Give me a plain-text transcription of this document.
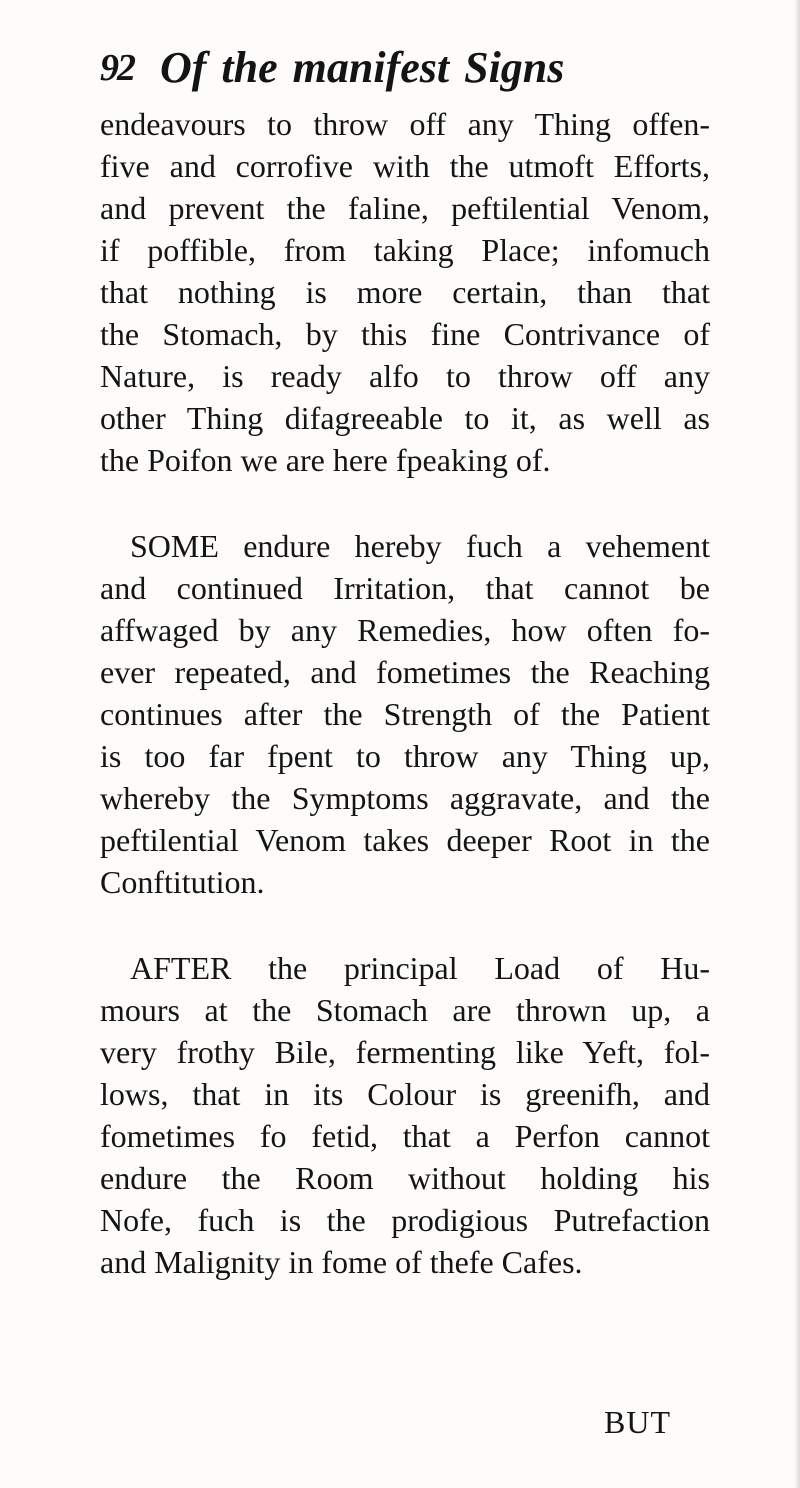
92 Of the manifest Signs
endeavours to throw off any Thing offen-
five and corrofive with the utmoft Efforts,
and prevent the faline, peftilential Venom,
if poffible, from taking Place; infomuch
that nothing is more certain, than that
the Stomach, by this fine Contrivance of
Nature, is ready alfo to throw off any
other Thing difagreeable to it, as well as
the Poifon we are here fpeaking of.
SOME endure hereby fuch a vehement
and continued Irritation, that cannot be
affwaged by any Remedies, how often fo-
ever repeated, and fometimes the Reaching
continues after the Strength of the Patient
is too far fpent to throw any Thing up,
whereby the Symptoms aggravate, and the
peftilential Venom takes deeper Root in the
Conftitution.
AFTER the principal Load of Hu-
mours at the Stomach are thrown up, a
very frothy Bile, fermenting like Yeft, fol-
lows, that in its Colour is greenifh, and
fometimes fo fetid, that a Perfon cannot
endure the Room without holding his
Nofe, fuch is the prodigious Putrefaction
and Malignity in fome of thefe Cafes.
BUT
